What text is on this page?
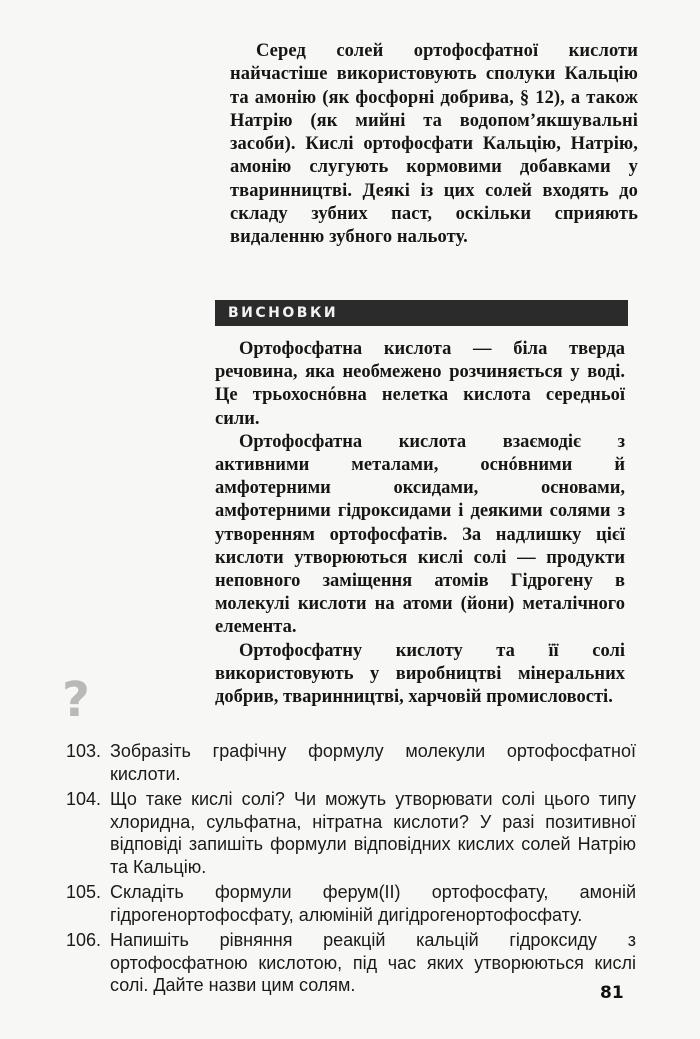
Серед солей ортофосфатної кислоти найчастіше використовують сполуки Кальцію та амонію (як фосфорні добрива, § 12), а також Натрію (як мийні та водопом’якшувальні засоби). Кислі ортофосфати Кальцію, Натрію, амонію слугують кормовими добавками у тваринництві. Деякі із цих солей входять до складу зубних паст, оскільки сприяють видаленню зубного нальоту.
ВИСНОВКИ

Ортофосфатна кислота — біла тверда речовина, яка необмежено розчиняється у воді. Це трьохоснóвна нелетка кислота середньої сили.

Ортофосфатна кислота взаємодіє з активними металами, оснóвними й амфотерними оксидами, основами, амфотерними гідроксидами і деякими солями з утворенням ортофосфатів. За надлишку цієї кислоти утворюються кислі солі — продукти неповного заміщення атомів Гідрогену в молекулі кислоти на атоми (йони) металічного елемента.

Ортофосфатну кислоту та її солі використовують у виробництві мінеральних добрив, тваринництві, харчовій промисловості.

?
103. Зобразіть графічну формулу молекули ортофосфатної кислоти.
104. Що таке кислі солі? Чи можуть утворювати солі цього типу хлоридна, сульфатна, нітратна кислоти? У разі позитивної відповіді запишіть формули відповідних кислих солей Натрію та Кальцію.
105. Складіть формули ферум(ІІ) ортофосфату, амоній гідрогенортофосфату, алюміній дигідрогенортофосфату.
106. Напишіть рівняння реакцій кальцій гідроксиду з ортофосфатною кислотою, під час яких утворюються кислі солі. Дайте назви цим солям.	81
